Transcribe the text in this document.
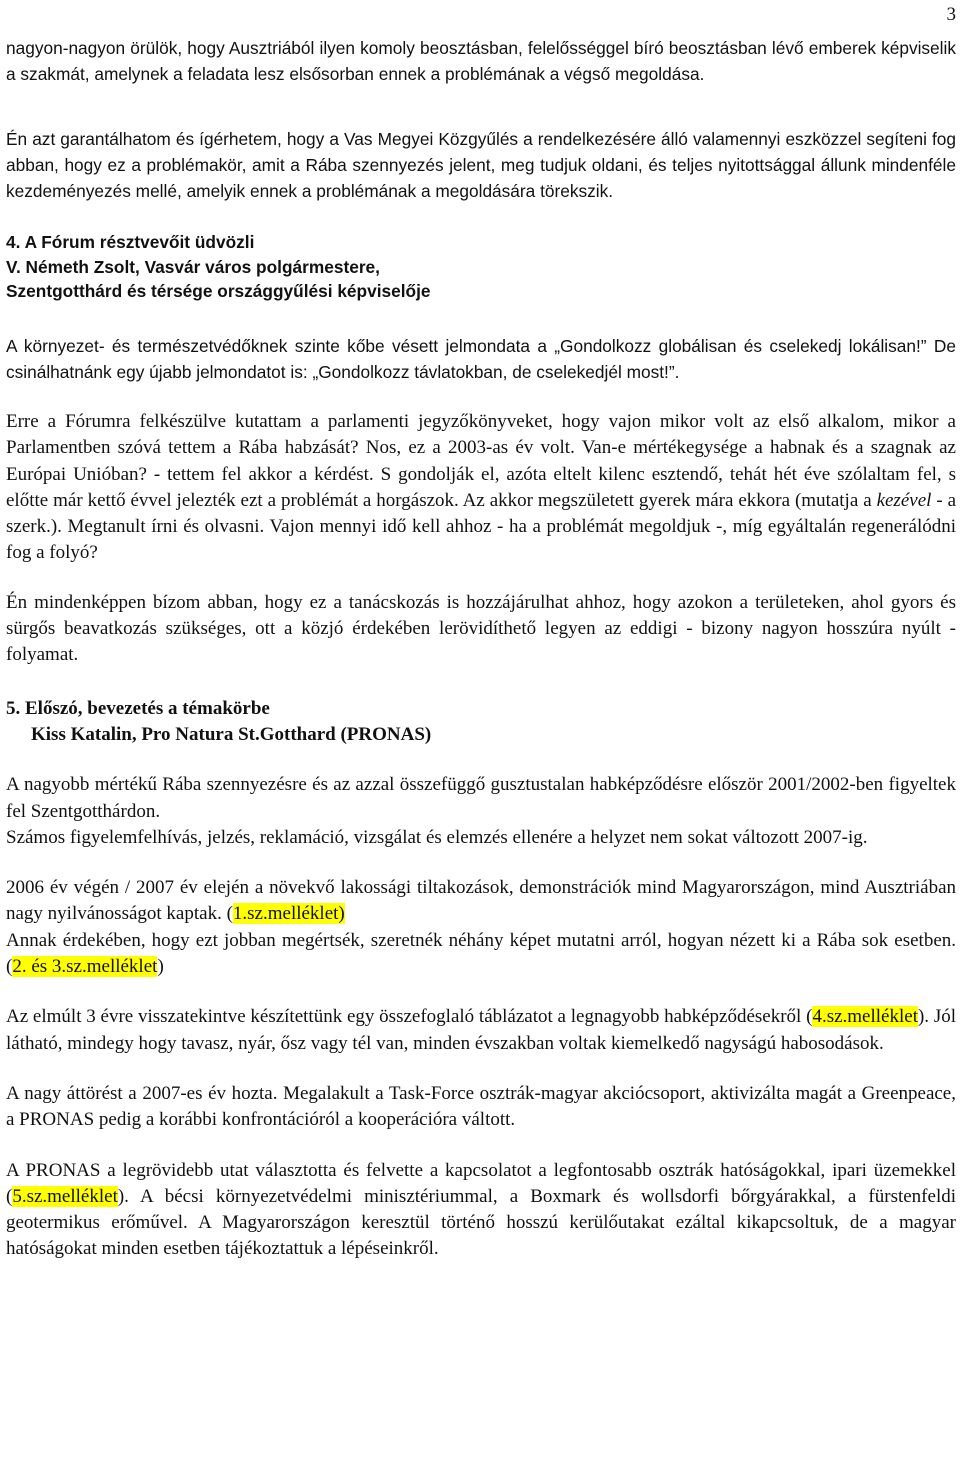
3

nagyon-nagyon örülök, hogy Ausztriából ilyen komoly beosztásban, felelősséggel bíró beosztásban lévő emberek képviselik a szakmát, amelynek a feladata lesz elsősorban ennek a problémának a végső megoldása.

Én azt garantálhatom és ígérhetem, hogy a Vas Megyei Közgyűlés a rendelkezésére álló valamennyi eszközzel segíteni fog abban, hogy ez a problémakör, amit a Rába szennyezés jelent, meg tudjuk oldani, és teljes nyitottsággal állunk mindenféle kezdeményezés mellé, amelyik ennek a problémának a megoldására törekszik.

4. A Fórum résztvevőit üdvözli

V. Németh Zsolt, Vasvár város polgármestere,

Szentgotthárd és térsége országgyűlési képviselője

A környezet- és természetvédőknek szinte kőbe vésett jelmondata a „Gondolkozz globálisan és cselekedj lokálisan!” De csinálhatnánk egy újabb jelmondatot is: „Gondolkozz távlatokban, de cselekedjél most!”.

Erre a Fórumra felkészülve kutattam a parlamenti jegyzőkönyveket, hogy vajon mikor volt az első alkalom, mikor a Parlamentben szóvá tettem a Rába habzását? Nos, ez a 2003-as év volt. Van-e mértékegysége a habnak és a szagnak az Európai Unióban? - tettem fel akkor a kérdést. S gondolják el, azóta eltelt kilenc esztendő, tehát hét éve szólaltam fel, s előtte már kettő évvel jelezték ezt a problémát a horgászok. Az akkor megszületett gyerek mára ekkora (mutatja a kezével - a szerk.). Megtanult írni és olvasni. Vajon mennyi idő kell ahhoz - ha a problémát megoldjuk -, míg egyáltalán regenerálódni fog a folyó?

Én mindenképpen bízom abban, hogy ez a tanácskozás is hozzájárulhat ahhoz, hogy azokon a területeken, ahol gyors és sürgős beavatkozás szükséges, ott a közjó érdekében lerövidíthető legyen az eddigi - bizony nagyon hosszúra nyúlt - folyamat.

5. Előszó, bevezetés a témakörbe

Kiss Katalin, Pro Natura St.Gotthard (PRONAS)

A nagyobb mértékű Rába szennyezésre és az azzal összefüggő gusztustalan habképződésre először 2001/2002-ben figyeltek fel Szentgotthárdon.

Számos figyelemfelhívás, jelzés, reklamáció, vizsgálat és elemzés ellenére a helyzet nem sokat változott 2007-ig.

2006 év végén / 2007 év elején a növekvő lakossági tiltakozások, demonstrációk mind Magyarországon, mind Ausztriában nagy nyilvánosságot kaptak. (1.sz.melléklet)

Annak érdekében, hogy ezt jobban megértsék, szeretnék néhány képet mutatni arról, hogyan nézett ki a Rába sok esetben. (2. és 3.sz.melléklet)

Az elmúlt 3 évre visszatekintve készítettünk egy összefoglaló táblázatot a legnagyobb habképződésekről (4.sz.melléklet). Jól látható, mindegy hogy tavasz, nyár, ősz vagy tél van, minden évszakban voltak kiemelkedő nagyságú habosodások.

A nagy áttörést a 2007-es év hozta. Megalakult a Task-Force osztrák-magyar akciócsoport, aktivizálta magát a Greenpeace, a PRONAS pedig a korábbi konfrontációról a kooperációra váltott.

A PRONAS a legrövidebb utat választotta és felvette a kapcsolatot a legfontosabb osztrák hatóságokkal, ipari üzemekkel (5.sz.melléklet). A bécsi környezetvédelmi minisztériummal, a Boxmark és wollsdorfi bőrgyárakkal, a fürstenfeldi geotermikus erőművel. A Magyarországon keresztül történő hosszú kerülőutakat ezáltal kikapcsoltuk, de a magyar hatóságokat minden esetben tájékoztattuk a lépéseinkről.
